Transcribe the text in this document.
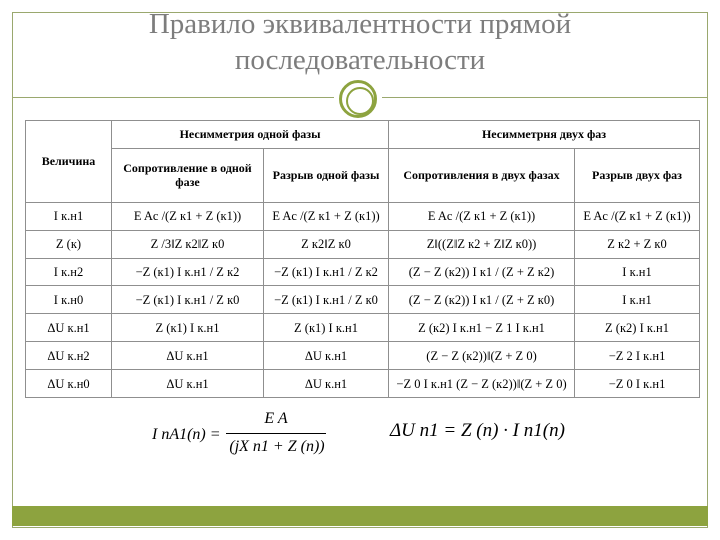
Правило эквивалентности прямой
последовательности
Величина	Несимметрия одной фазы		Несимметрня двух фаз	
	Сопротивление в одной фазе	Разрыв одной фазы	Сопротивления в двух фазах	Разрыв двух фаз
I к.н1	E Ac /(Z к1 + Z (к1))	E Ac /(Z к1 + Z (к1))	E Ac /(Z к1 + Z (к1))	E Ac /(Z к1 + Z (к1))
Z (к)	Z /3‖Z к2‖Z к0	Z к2‖Z к0	Z‖((Z‖Z к2 + Z‖Z к0))	Z к2 + Z к0
I к.н2	−Z (к1) I к.н1 / Z к2	−Z (к1) I к.н1 / Z к2	(Z − Z (к2)) I к1 / (Z + Z к2)	I к.н1
I к.н0	−Z (к1) I к.н1 / Z к0	−Z (к1) I к.н1 / Z к0	(Z − Z (к2)) I к1 / (Z + Z к0)	I к.н1
ΔU к.н1	Z (к1) I к.н1	Z (к1) I к.н1	Z (к2) I к.н1 − Z 1 I к.н1	Z (к2) I к.н1
ΔU к.н2	ΔU к.н1	ΔU к.н1	(Z − Z (к2))‖(Z + Z 0)	−Z 2 I к.н1
ΔU к.н0	ΔU к.н1	ΔU к.н1	−Z 0 I к.н1 (Z − Z (к2))‖(Z + Z 0)	−Z 0 I к.н1
I nA1(n) =
E A
(jX n1 + Z (n))
ΔU n1 = Z (n) · I n1(n)
